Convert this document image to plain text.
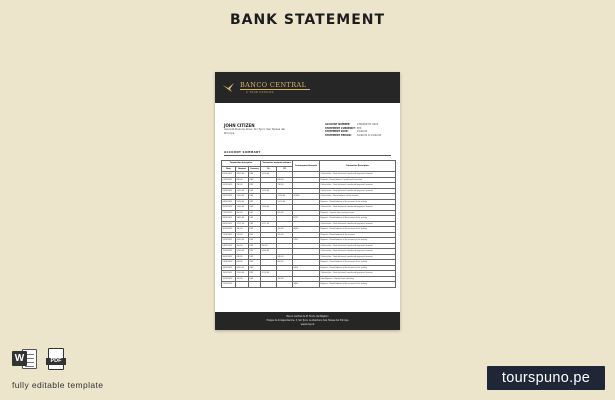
BANK STATEMENT
BANCO CENTRAL
A TOUR CATALOG
JOHN CITIZEN
Avenida Buenos Aires, Sin Tyrol, San Teresa del Principe
ACCOUNT NUMBER:	2300000371 0022
STATEMENT CURRENCY: EPS
STATEMENT DATE:	21/02/22
STATEMENT PERIOD:	01/02/22 to 21/02/22
ACCOUNT SUMMARY
Transaction description			Transaction amounts columns		Counterparty Accounts	Transaction Description
Date	Amount	Currency	Dr	CR		
01/02/2022	3,230.00	USD	1,230.00			Collectivities - Cash delivered, transferred (payment) account
01/02/2022	590.00	USD		590.00		Deposits - Dorsal balance, transferred to account
02/02/2022	750.00	USD		750.00		Collectivities - Cash delivered, transferred (payment) account
03/02/2022	1,230.00	USD	1,230.00			Collectivities - Cash delivered, transferred (payment) account
03/02/2022	1,230.00	USD		1,230.00	42 456	Collectivities - Dorsal balance of the account
04/02/2022	1,230.00	USD		1,230.00		Payment - Dorsal balance of the account of the activity
05/02/2022	1,000.00	USD	1,000.00			Collectivities - Cash delivered, transferred (payment) account
07/02/2022	200.00	USD		200.00		Deposits - Transfer from saving account
08/02/2022	3,450.00	USD			8776	Payment - Dorsal balance of the account of the activity
09/02/2022	1,111.00	USD	1,111.00			Collectivities - Cash delivered, transferred (payment) account
10/02/2022	150.00	USD		150.00	88 45	Payment - Dorsal balance of the account of the activity
11/02/2022	225.00	USD		225.00		Deposits - Dorsal balance of the account
12/02/2022	3,350.00	USD			5762	Payment - Dorsal balance of the account of the activity
14/02/2022	150.00	USD	150.00			Collectivities - Cash delivered, transferred (payment) account
15/02/2022	3,000.00	USD	3,000.00			Collectivities - Cash delivered, transferred (payment) account
16/02/2022	245.00	USD		245.00		Collectivities - Cash delivered, transferred (payment) account
17/02/2022	650.00	USD		650.00		Payment - Dorsal balance of the account of the activity
18/02/2022	4,500.00	USD			3424	Payment - Dorsal balance of the account of the activity
19/02/2022	1,100.00	USD	1,100.00			Collectivities - Cash delivered, transferred (payment) account
20/02/2022	700.00	USD		700.00		Loan Payment - Transfer from checking
21/02/2022					3490	Payment - Dorsal balance of the account of the activity
Banco Central de El Fondo del Mejillon
Prospe de Independencia, 3, Sin Tyrol, La Abertura, San Teresa del Principe
www.bcsp.st
W	PDF
fully editable template	tourspuno.pe
